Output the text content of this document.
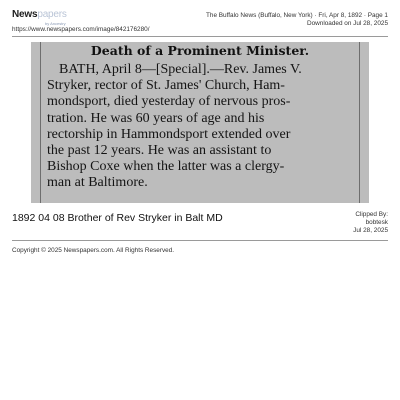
Newspapers
by Ancestry
https://www.newspapers.com/image/842176280/
The Buffalo News (Buffalo, New York) · Fri, Apr 8, 1892 · Page 1
Downloaded on Jul 28, 2025
Death of a Prominent Minister.
BATH, April 8—[Special].—Rev. James V.
Stryker, rector of St. James' Church, Ham-
mondsport, died yesterday of nervous pros-
tration. He was 60 years of age and his
rectorship in Hammondsport extended over
the past 12 years. He was an assistant to
Bishop Coxe when the latter was a clergy-
man at Baltimore.
1892 04 08 Brother of Rev Stryker in Balt MD	Clipped By:
bobtesk
Jul 28, 2025
Copyright © 2025 Newspapers.com. All Rights Reserved.
